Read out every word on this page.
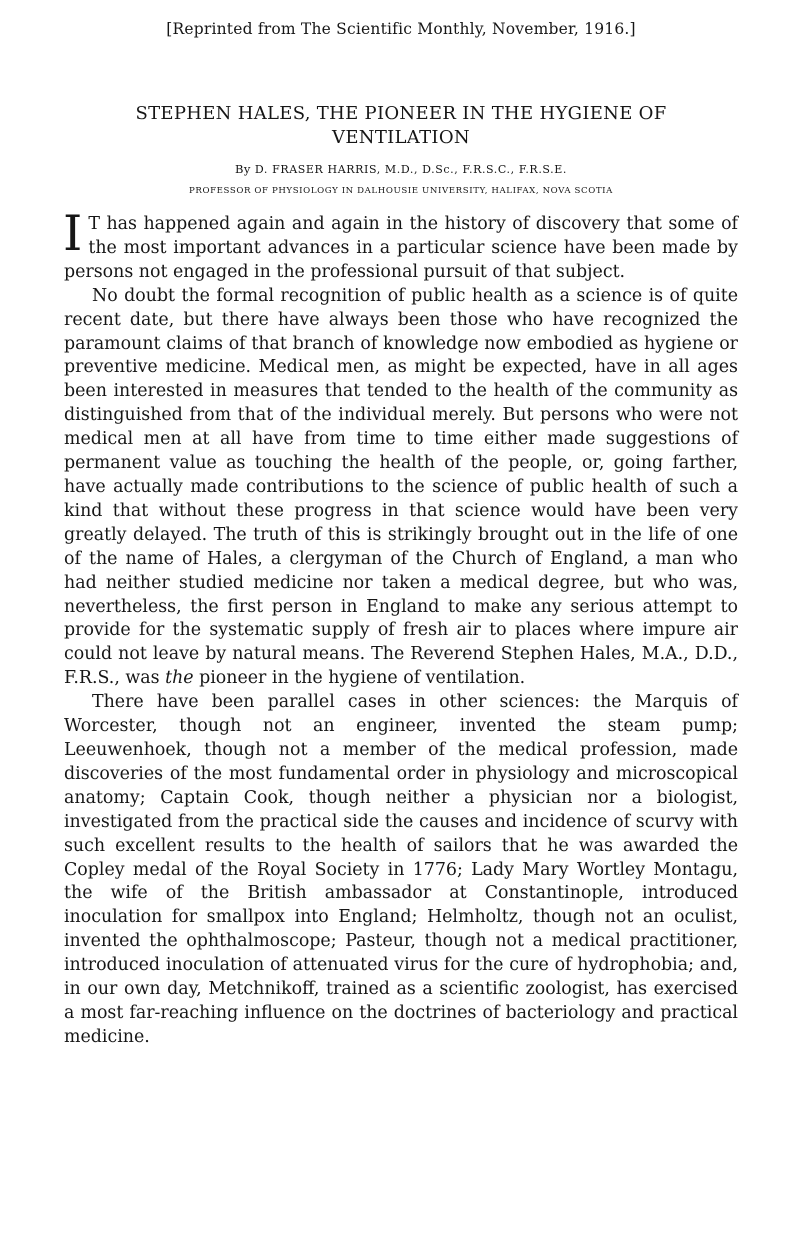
[Reprinted from The Scientific Monthly, November, 1916.]
STEPHEN HALES, THE PIONEER IN THE HYGIENE OF VENTILATION
By D. FRASER HARRIS, M.D., D.Sc., F.R.S.C., F.R.S.E.
PROFESSOR OF PHYSIOLOGY IN DALHOUSIE UNIVERSITY, HALIFAX, NOVA SCOTIA

I T has happened again and again in the history of discovery that some of the most important advances in a particular science have been made by persons not engaged in the professional pursuit of that subject.

No doubt the formal recognition of public health as a science is of quite recent date, but there have always been those who have recognized the paramount claims of that branch of knowledge now embodied as hygiene or preventive medicine. Medical men, as might be expected, have in all ages been interested in measures that tended to the health of the community as distinguished from that of the individual merely. But persons who were not medical men at all have from time to time either made suggestions of permanent value as touching the health of the people, or, going farther, have actually made contributions to the science of public health of such a kind that without these progress in that science would have been very greatly delayed. The truth of this is strikingly brought out in the life of one of the name of Hales, a clergyman of the Church of England, a man who had neither studied medicine nor taken a medical degree, but who was, nevertheless, the first person in England to make any serious attempt to provide for the systematic supply of fresh air to places where impure air could not leave by natural means. The Reverend Stephen Hales, M.A., D.D., F.R.S., was the pioneer in the hygiene of ventilation.

There have been parallel cases in other sciences: the Marquis of Worcester, though not an engineer, invented the steam pump; Leeuwenhoek, though not a member of the medical profession, made discoveries of the most fundamental order in physiology and microscopical anatomy; Captain Cook, though neither a physician nor a biologist, investigated from the practical side the causes and incidence of scurvy with such excellent results to the health of sailors that he was awarded the Copley medal of the Royal Society in 1776; Lady Mary Wortley Montagu, the wife of the British ambassador at Constantinople, introduced inoculation for smallpox into England; Helmholtz, though not an oculist, invented the ophthalmoscope; Pasteur, though not a medical practitioner, introduced inoculation of attenuated virus for the cure of hydrophobia; and, in our own day, Metchnikoff, trained as a scientific zoologist, has exercised a most far-reaching influence on the doctrines of bacteriology and practical medicine.
